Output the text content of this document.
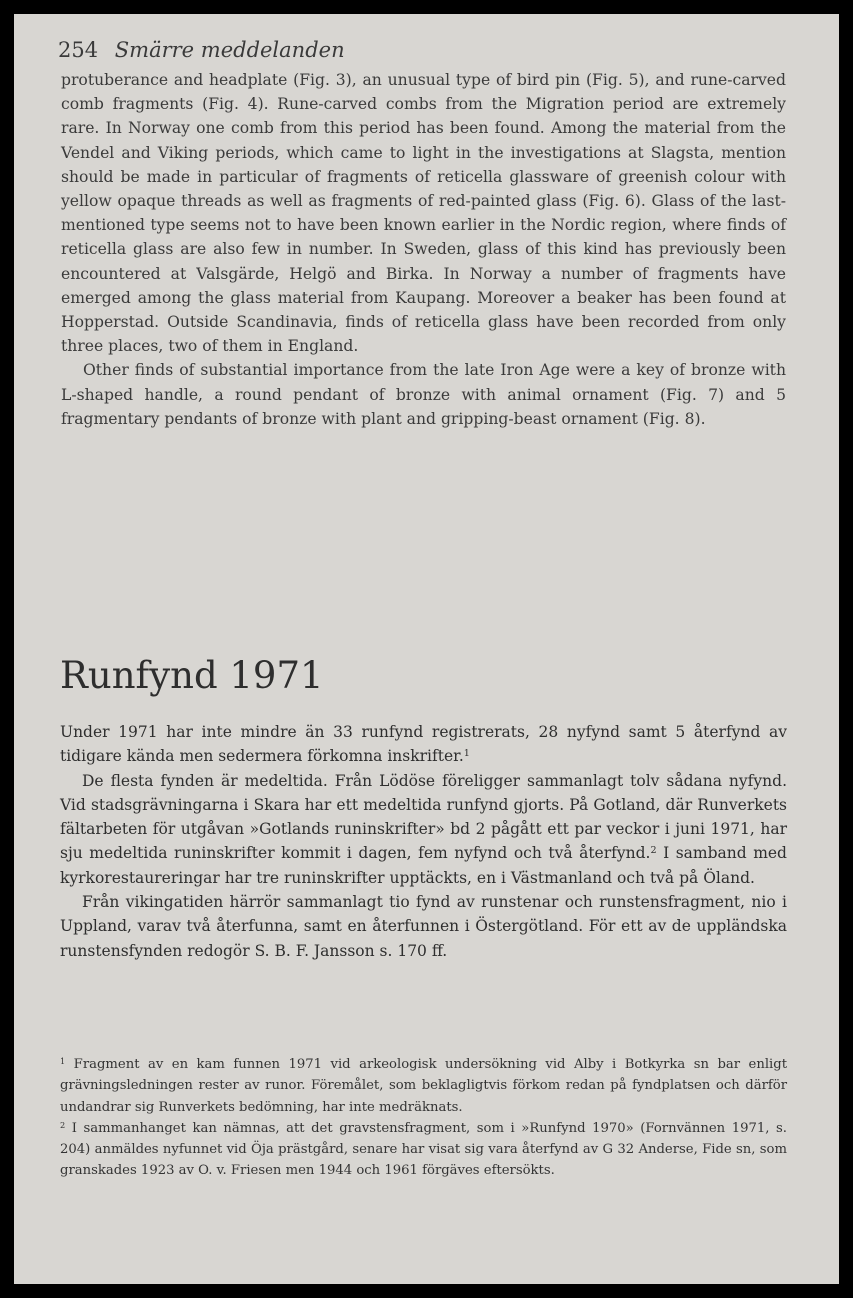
254 Smärre meddelanden

protuberance and headplate (Fig. 3), an unusual type of bird pin (Fig. 5), and rune-carved comb fragments (Fig. 4). Rune-carved combs from the Migration period are extremely rare. In Norway one comb from this period has been found. Among the material from the Vendel and Viking periods, which came to light in the investigations at Slagsta, mention should be made in particular of fragments of reticella glassware of greenish colour with yellow opaque threads as well as fragments of red-painted glass (Fig. 6). Glass of the last-mentioned type seems not to have been known earlier in the Nordic region, where finds of reticella glass are also few in number. In Sweden, glass of this kind has previously been encountered at Valsgärde, Helgö and Birka. In Norway a number of fragments have emerged among the glass material from Kaupang. Moreover a beaker has been found at Hopperstad. Outside Scandinavia, finds of reticella glass have been recorded from only three places, two of them in England.

Other finds of substantial importance from the late Iron Age were a key of bronze with L-shaped handle, a round pendant of bronze with animal ornament (Fig. 7) and 5 fragmentary pendants of bronze with plant and gripping-beast ornament (Fig. 8).

Runfynd 1971

Under 1971 har inte mindre än 33 runfynd registrerats, 28 nyfynd samt 5 återfynd av tidigare kända men sedermera förkomna inskrifter.$^1$

De flesta fynden är medeltida. Från Lödöse föreligger sammanlagt tolv sådana nyfynd. Vid stadsgrävningarna i Skara har ett medeltida runfynd gjorts. På Gotland, där Runverkets fältarbeten för utgåvan »Gotlands runinskrifter» bd 2 pågått ett par veckor i juni 1971, har sju medeltida runinskrifter kommit i dagen, fem nyfynd och två återfynd.$^2$ I samband med kyrkorestaureringar har tre runinskrifter upptäckts, en i Västmanland och två på Öland.

Från vikingatiden härrör sammanlagt tio fynd av runstenar och runstensfragment, nio i Uppland, varav två återfunna, samt en återfunnen i Östergötland. För ett av de uppländska runstensfynden redogör S. B. F. Jansson s. 170 ff.

$^1$ Fragment av en kam funnen 1971 vid arkeologisk undersökning vid Alby i Botkyrka sn bar enligt grävningsledningen rester av runor. Föremålet, som beklagligtvis förkom redan på fyndplatsen och därför undandrar sig Runverkets bedömning, har inte medräknats.

$^2$ I sammanhanget kan nämnas, att det gravstensfragment, som i »Runfynd 1970» (Fornvännen 1971, s. 204) anmäldes nyfunnet vid Öja prästgård, senare har visat sig vara återfynd av G 32 Anderse, Fide sn, som granskades 1923 av O. v. Friesen men 1944 och 1961 förgäves eftersökts.
